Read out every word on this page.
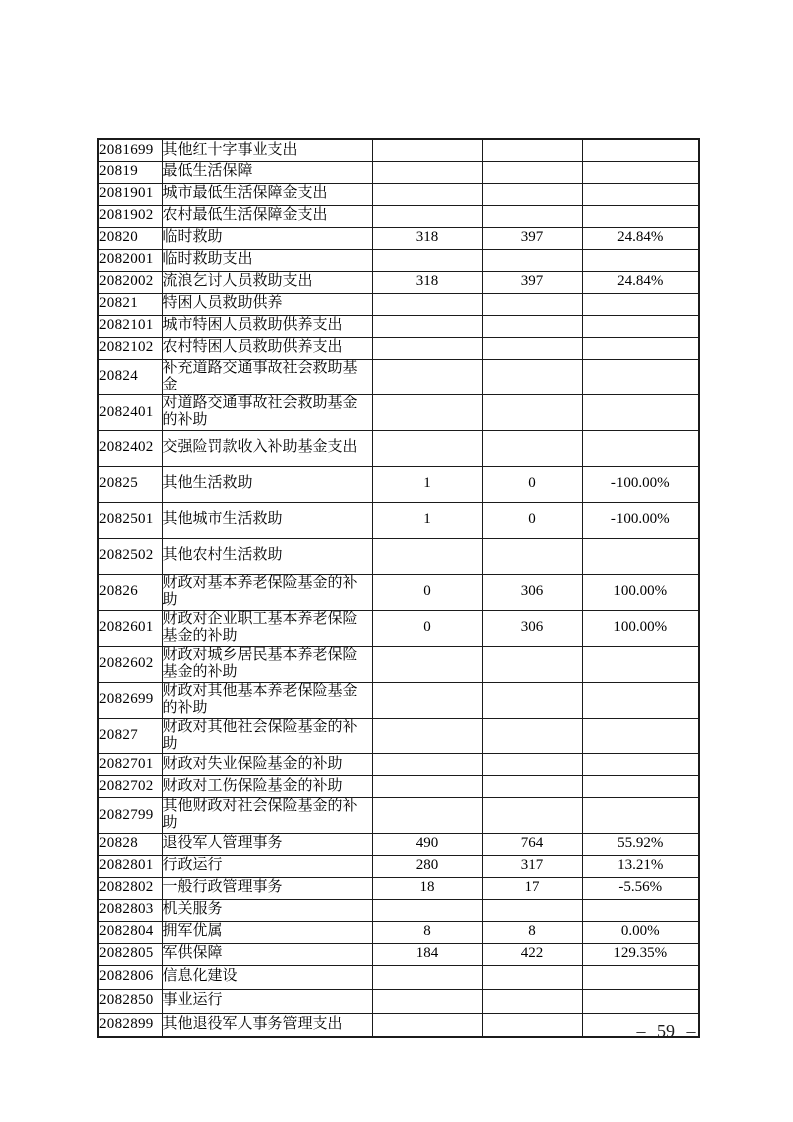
2081699	其他红十字事业支出			
20819	最低生活保障			
2081901	城市最低生活保障金支出			
2081902	农村最低生活保障金支出			
20820	临时救助	318	397	24.84%
2082001	临时救助支出			
2082002	流浪乞讨人员救助支出	318	397	24.84%
20821	特困人员救助供养			
2082101	城市特困人员救助供养支出			
2082102	农村特困人员救助供养支出			
20824	补充道路交通事故社会救助基金			
2082401	对道路交通事故社会救助基金的补助			
2082402	交强险罚款收入补助基金支出			
20825	其他生活救助	1	0	-100.00%
2082501	其他城市生活救助	1	0	-100.00%
2082502	其他农村生活救助			
20826	财政对基本养老保险基金的补助	0	306	100.00%
2082601	财政对企业职工基本养老保险基金的补助	0	306	100.00%
2082602	财政对城乡居民基本养老保险基金的补助			
2082699	财政对其他基本养老保险基金的补助			
20827	财政对其他社会保险基金的补助			
2082701	财政对失业保险基金的补助			
2082702	财政对工伤保险基金的补助			
2082799	其他财政对社会保险基金的补助			
20828	退役军人管理事务	490	764	55.92%
2082801	行政运行	280	317	13.21%
2082802	一般行政管理事务	18	17	-5.56%
2082803	机关服务			
2082804	拥军优属	8	8	0.00%
2082805	军供保障	184	422	129.35%
2082806	信息化建设			
2082850	事业运行			
2082899	其他退役军人事务管理支出				– 59 –
